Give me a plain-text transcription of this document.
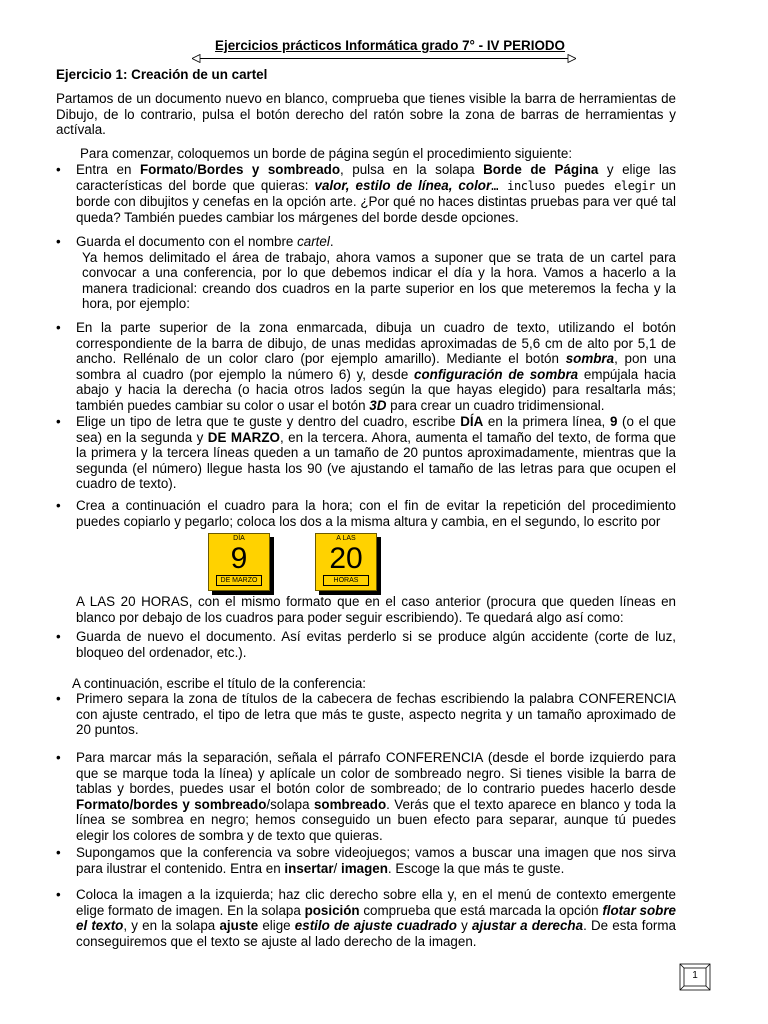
Ejercicios prácticos Informática grado 7° - IV PERIODO
Ejercicio 1: Creación de un cartel

Partamos de un documento nuevo en blanco, comprueba que tienes visible la barra de herramientas de Dibujo, de lo contrario, pulsa el botón derecho del ratón sobre la zona de barras de herramientas y actívala.

Para comenzar, coloquemos un borde de página según el procedimiento siguiente:

•	Entra en Formato/Bordes y sombreado, pulsa en la solapa Borde de Página y elige las características del borde que quieras: valor, estilo de línea, color… incluso puedes elegir un borde con dibujitos y cenefas en la opción arte. ¿Por qué no haces distintas pruebas para ver qué tal queda? También puedes cambiar los márgenes del borde desde opciones.
•	Guarda el documento con el nombre cartel.
Ya hemos delimitado el área de trabajo, ahora vamos a suponer que se trata de un cartel para convocar a una conferencia, por lo que debemos indicar el día y la hora. Vamos a hacerlo a la manera tradicional: creando dos cuadros en la parte superior en los que meteremos la fecha y la hora, por ejemplo:
•	En la parte superior de la zona enmarcada, dibuja un cuadro de texto, utilizando el botón correspondiente de la barra de dibujo, de unas medidas aproximadas de 5,6 cm de alto por 5,1 de ancho. Rellénalo de un color claro (por ejemplo amarillo). Mediante el botón sombra, pon una sombra al cuadro (por ejemplo la número 6) y, desde configuración de sombra empújala hacia abajo y hacia la derecha (o hacia otros lados según la que hayas elegido) para resaltarla más; también puedes cambiar su color o usar el botón 3D para crear un cuadro tridimensional.
•	Elige un tipo de letra que te guste y dentro del cuadro, escribe DÍA en la primera línea, 9 (o el que sea) en la segunda y DE MARZO, en la tercera. Ahora, aumenta el tamaño del texto, de forma que la primera y la tercera líneas queden a un tamaño de 20 puntos aproximadamente, mientras que la segunda (el número) llegue hasta los 90 (ve ajustando el tamaño de las letras para que ocupen el cuadro de texto).
•	Crea a continuación el cuadro para la hora; con el fin de evitar la repetición del procedimiento puedes copiarlo y pegarlo; coloca los dos a la misma altura y cambia, en el segundo, lo escrito por
DÍA
9
DE MARZO
A LAS
20
HORAS

A LAS 20 HORAS, con el mismo formato que en el caso anterior (procura que queden líneas en blanco por debajo de los cuadros para poder seguir escribiendo). Te quedará algo así como:

•	Guarda de nuevo el documento. Así evitas perderlo si se produce algún accidente (corte de luz, bloqueo del ordenador, etc.).

A continuación, escribe el título de la conferencia:

•	Primero separa la zona de títulos de la cabecera de fechas escribiendo la palabra CONFERENCIA con ajuste centrado, el tipo de letra que más te guste, aspecto negrita y un tamaño aproximado de 20 puntos.
•	Para marcar más la separación, señala el párrafo CONFERENCIA (desde el borde izquierdo para que se marque toda la línea) y aplícale un color de sombreado negro. Si tienes visible la barra de tablas y bordes, puedes usar el botón color de sombreado; de lo contrario puedes hacerlo desde Formato/bordes y sombreado/solapa sombreado. Verás que el texto aparece en blanco y toda la línea se sombrea en negro; hemos conseguido un buen efecto para separar, aunque tú puedes elegir los colores de sombra y de texto que quieras.
•	Supongamos que la conferencia va sobre videojuegos; vamos a buscar una imagen que nos sirva para ilustrar el contenido. Entra en insertar/ imagen. Escoge la que más te guste.
•	Coloca la imagen a la izquierda; haz clic derecho sobre ella y, en el menú de contexto emergente elige formato de imagen. En la solapa posición comprueba que está marcada la opción flotar sobre el texto, y en la solapa ajuste elige estilo de ajuste cuadrado y ajustar a derecha. De esta forma conseguiremos que el texto se ajuste al lado derecho de la imagen.
1
